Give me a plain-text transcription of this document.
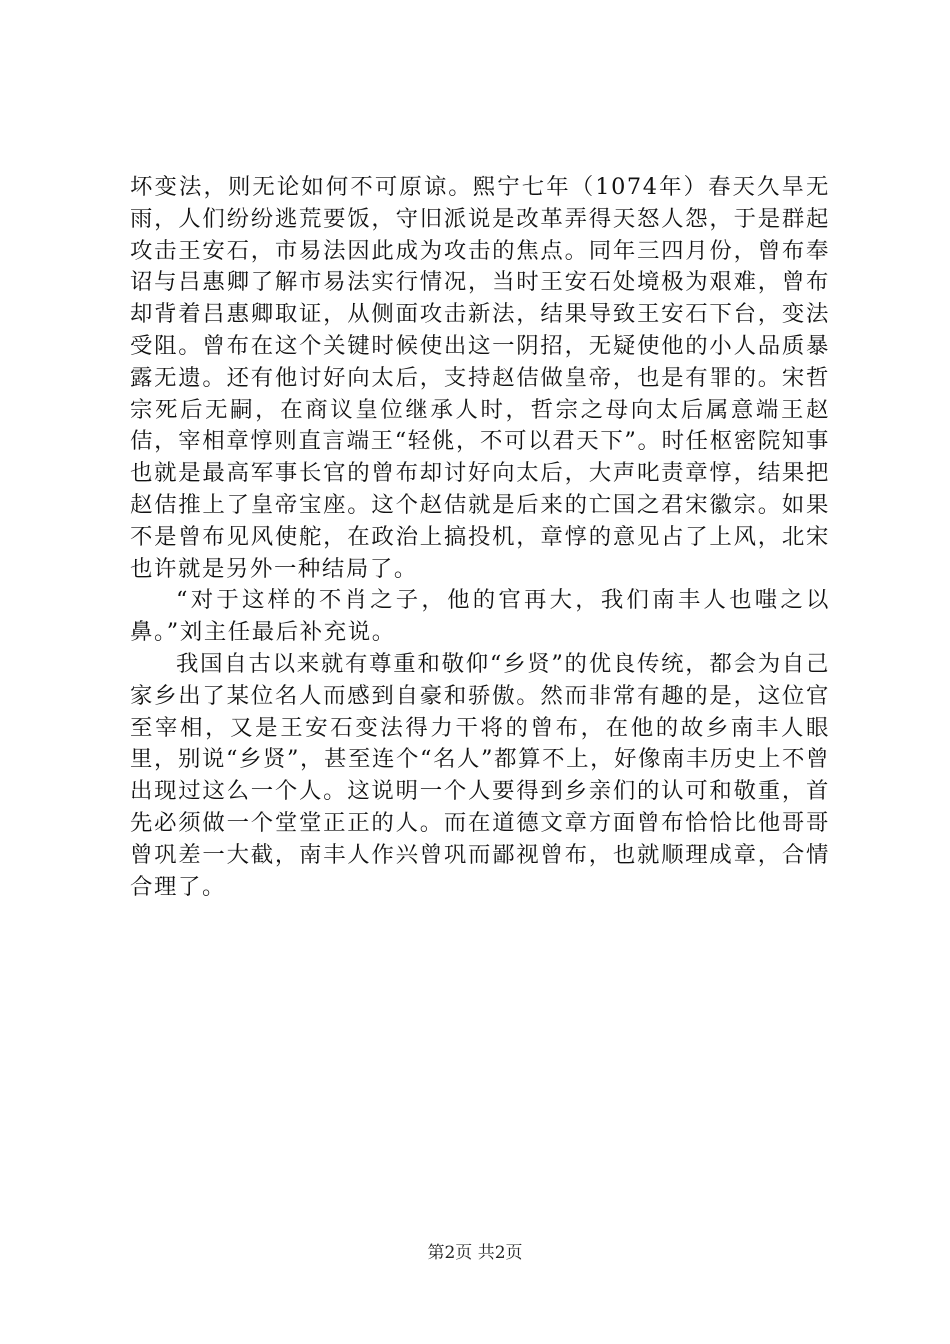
坏变法，则无论如何不可原谅。熙宁七年（1074年）春天久旱无雨，人们纷纷逃荒要饭，守旧派说是改革弄得天怒人怨，于是群起攻击王安石，市易法因此成为攻击的焦点。同年三四月份，曾布奉诏与吕惠卿了解市易法实行情况，当时王安石处境极为艰难，曾布却背着吕惠卿取证，从侧面攻击新法，结果导致王安石下台，变法受阻。曾布在这个关键时候使出这一阴招，无疑使他的小人品质暴露无遗。还有他讨好向太后，支持赵佶做皇帝，也是有罪的。宋哲宗死后无嗣，在商议皇位继承人时，哲宗之母向太后属意端王赵佶，宰相章惇则直言端王“轻佻，不可以君天下”。时任枢密院知事也就是最高军事长官的曾布却讨好向太后，大声叱责章惇，结果把赵佶推上了皇帝宝座。这个赵佶就是后来的亡国之君宋徽宗。如果不是曾布见风使舵，在政治上搞投机，章惇的意见占了上风，北宋也许就是另外一种结局了。

“对于这样的不肖之子，他的官再大，我们南丰人也嗤之以鼻。”刘主任最后补充说。

我国自古以来就有尊重和敬仰“乡贤”的优良传统，都会为自己家乡出了某位名人而感到自豪和骄傲。然而非常有趣的是，这位官至宰相，又是王安石变法得力干将的曾布，在他的故乡南丰人眼里，别说“乡贤”，甚至连个“名人”都算不上，好像南丰历史上不曾出现过这么一个人。这说明一个人要得到乡亲们的认可和敬重，首先必须做一个堂堂正正的人。而在道德文章方面曾布恰恰比他哥哥曾巩差一大截，南丰人作兴曾巩而鄙视曾布，也就顺理成章，合情合理了。

第2页 共2页
